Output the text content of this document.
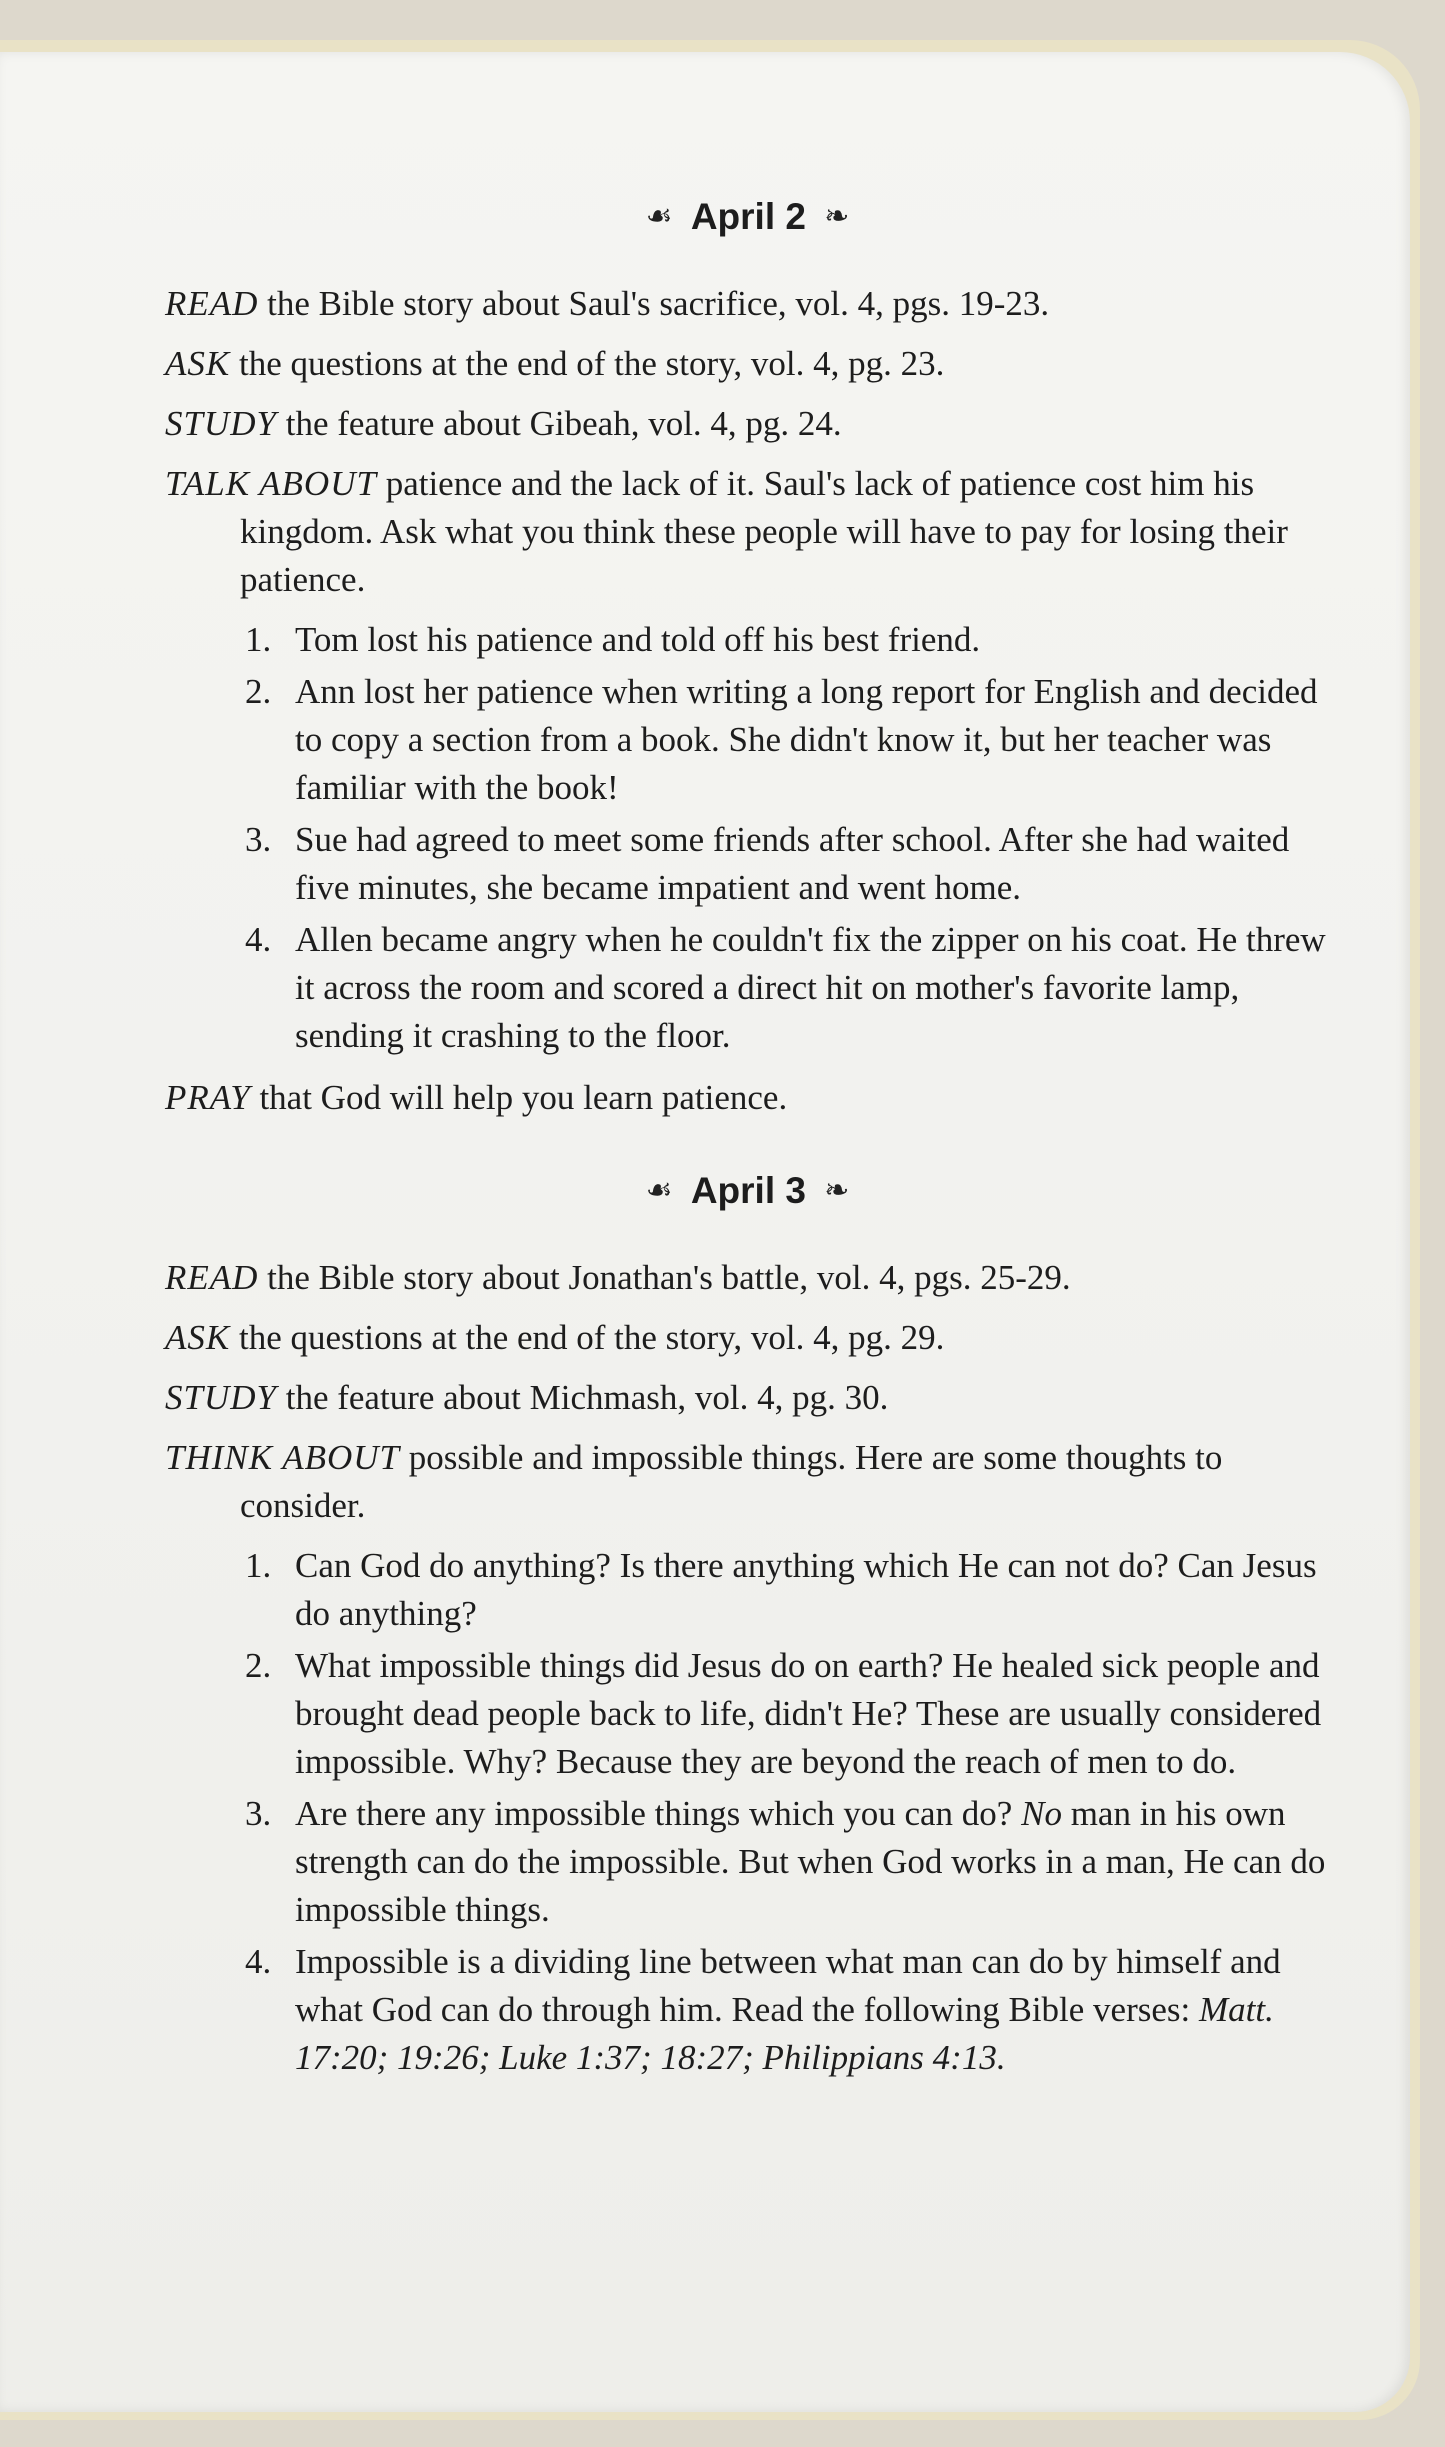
☙ April 2 ❧
READ the Bible story about Saul's sacrifice, vol. 4, pgs. 19-23.
ASK the questions at the end of the story, vol. 4, pg. 23.
STUDY the feature about Gibeah, vol. 4, pg. 24.
TALK ABOUT patience and the lack of it. Saul's lack of patience cost him his kingdom. Ask what you think these people will have to pay for losing their patience.
1. Tom lost his patience and told off his best friend.
2. Ann lost her patience when writing a long report for English and decided to copy a section from a book. She didn't know it, but her teacher was familiar with the book!
3. Sue had agreed to meet some friends after school. After she had waited five minutes, she became impatient and went home.
4. Allen became angry when he couldn't fix the zipper on his coat. He threw it across the room and scored a direct hit on mother's favorite lamp, sending it crashing to the floor.
PRAY that God will help you learn patience.
☙ April 3 ❧
READ the Bible story about Jonathan's battle, vol. 4, pgs. 25-29.
ASK the questions at the end of the story, vol. 4, pg. 29.
STUDY the feature about Michmash, vol. 4, pg. 30.
THINK ABOUT possible and impossible things. Here are some thoughts to consider.
1. Can God do anything? Is there anything which He can not do? Can Jesus do anything?
2. What impossible things did Jesus do on earth? He healed sick people and brought dead people back to life, didn't He? These are usually considered impossible. Why? Because they are beyond the reach of men to do.
3. Are there any impossible things which you can do? No man in his own strength can do the impossible. But when God works in a man, He can do impossible things.
4. Impossible is a dividing line between what man can do by himself and what God can do through him. Read the following Bible verses: Matt. 17:20; 19:26; Luke 1:37; 18:27; Philippians 4:13.
